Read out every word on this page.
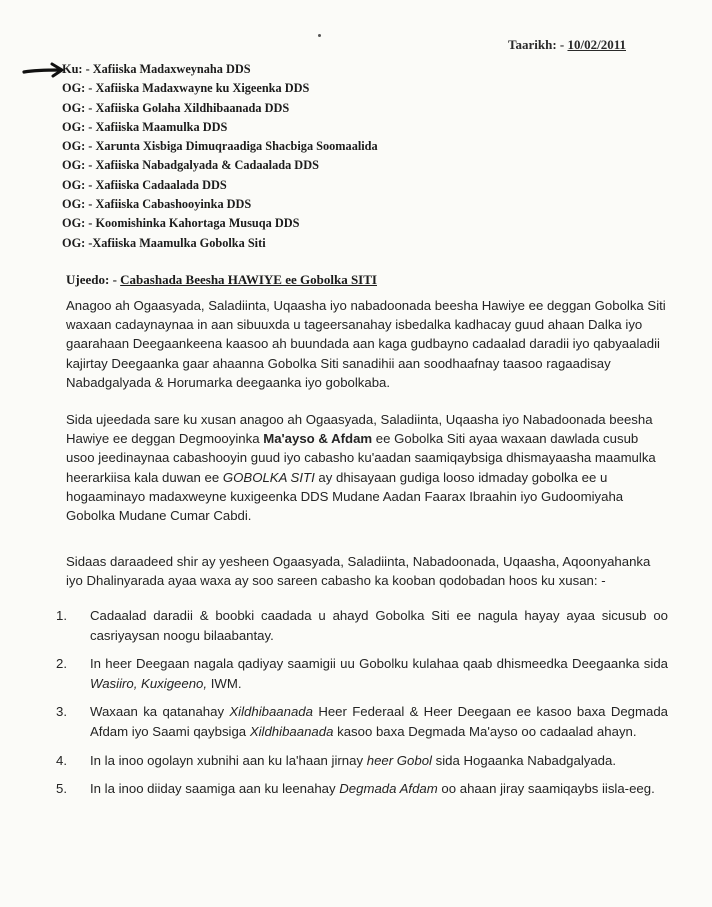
Taarikh: - 10/02/2011
Ku: - Xafiiska Madaxweynaha DDS
OG: - Xafiiska Madaxwayne ku Xigeenka DDS
OG: - Xafiiska Golaha Xildhibaanada DDS
OG: - Xafiiska Maamulka DDS
OG: - Xarunta Xisbiga Dimuqraadiga Shacbiga Soomaalida
OG: - Xafiiska Nabadgalyada & Cadaalada DDS
OG: - Xafiiska Cadaalada DDS
OG: - Xafiiska Cabashooyinka DDS
OG: - Koomishinka Kahortaga Musuqa DDS
OG: -Xafiiska Maamulka Gobolka Siti
Ujeedo: - Cabashada Beesha HAWIYE ee Gobolka SITI

Anagoo ah Ogaasyada, Saladiinta, Uqaasha iyo nabadoonada beesha Hawiye ee deggan Gobolka Siti waxaan cadaynaynaa in aan sibuuxda u tageersanahay isbedalka kadhacay guud ahaan Dalka iyo gaarahaan Deegaankeena kaasoo ah buundada aan kaga gudbayno cadaalad daradii iyo qabyaaladii kajirtay Deegaanka gaar ahaanna Gobolka Siti sanadihii aan soodhaafnay taasoo ragaadisay Nabadgalyada & Horumarka deegaanka iyo gobolkaba.

Sida ujeedada sare ku xusan anagoo ah Ogaasyada, Saladiinta, Uqaasha iyo Nabadoonada beesha Hawiye ee deggan Degmooyinka Ma'ayso & Afdam ee Gobolka Siti ayaa waxaan dawlada cusub usoo jeedinaynaa cabashooyin guud iyo cabasho ku'aadan saamiqaybsiga dhismayaasha maamulka heerarkiisa kala duwan ee GOBOLKA SITI ay dhisayaan gudiga looso idmaday gobolka ee u hogaaminayo madaxweyne kuxigeenka DDS Mudane Aadan Faarax Ibraahin iyo Gudoomiyaha Gobolka Mudane Cumar Cabdi.

Sidaas daraadeed shir ay yesheen Ogaasyada, Saladiinta, Nabadoonada, Uqaasha, Aqoonyahanka iyo Dhalinyarada ayaa waxa ay soo sareen cabasho ka kooban qodobadan hoos ku xusan: -

1.	Cadaalad daradii & boobki caadada u ahayd Gobolka Siti ee nagula hayay ayaa sicusub oo casriyaysan noogu bilaabantay.
2.	In heer Deegaan nagala qadiyay saamigii uu Gobolku kulahaa qaab dhismeedka Deegaanka sida Wasiiro, Kuxigeeno, IWM.
3.	Waxaan ka qatanahay Xildhibaanada Heer Federaal & Heer Deegaan ee kasoo baxa Degmada Afdam iyo Saami qaybsiga Xildhibaanada kasoo baxa Degmada Ma'ayso oo cadaalad ahayn.
4.	In la inoo ogolayn xubnihi aan ku la'haan jirnay heer Gobol sida Hogaanka Nabadgalyada.
5.	In la inoo diiday saamiga aan ku leenahay Degmada Afdam oo ahaan jiray saamiqaybs iisla-eeg.
